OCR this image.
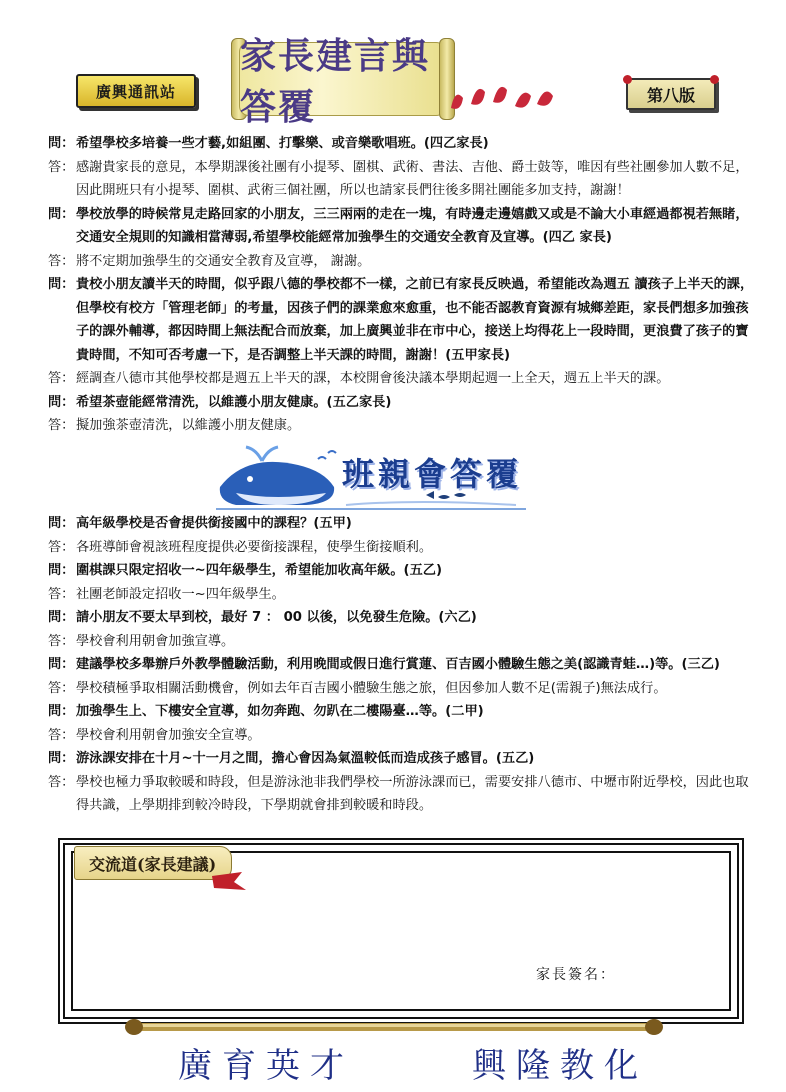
廣興通訊站
家長建言與答覆	第八版
問： 希望學校多培養一些才藝,如組團、打擊樂、或音樂歌唱班。(四乙家長)
答： 感謝貴家長的意見，本學期課後社團有小提琴、圍棋、武術、書法、吉他、爵士鼓等，唯因有些社團參加人數不足，因此開班只有小提琴、圍棋、武術三個社團，所以也請家長們往後多開社團能多加支持，謝謝！
問： 學校放學的時候常見走路回家的小朋友，三三兩兩的走在一塊，有時邊走邊嬉戲又或是不論大小車經過都視若無睹，交通安全規則的知識相當薄弱,希望學校能經常加強學生的交通安全教育及宣導。(四乙 家長)
答： 將不定期加強學生的交通安全教育及宣導， 謝謝。
問： 貴校小朋友讀半天的時間，似乎跟八德的學校都不一樣，之前已有家長反映過，希望能改為週五 讀孩子上半天的課，但學校有校方「管理老師」的考量，因孩子們的課業愈來愈重，也不能否認教育資源有城鄉差距，家長們想多加強孩子的課外輔導，都因時間上無法配合而放棄，加上廣興並非在市中心，接送上均得花上一段時間，更浪費了孩子的寶貴時間，不知可否考慮一下，是否調整上半天課的時間，謝謝！(五甲家長)
答： 經調查八德市其他學校都是週五上半天的課，本校開會後決議本學期起週一上全天，週五上半天的課。
問： 希望茶壺能經常清洗，以維護小朋友健康。(五乙家長)
答： 擬加強茶壺清洗，以維護小朋友健康。
班親會答覆
問： 高年級學校是否會提供銜接國中的課程？(五甲)
答： 各班導師會視該班程度提供必要銜接課程，使學生銜接順利。
問： 圍棋課只限定招收一~四年級學生，希望能加收高年級。(五乙)
答： 社團老師設定招收一~四年級學生。
問： 請小朋友不要太早到校，最好 7 ： 00 以後，以免發生危險。(六乙)
答： 學校會利用朝會加強宣導。
問： 建議學校多舉辦戶外教學體驗活動，利用晚間或假日進行賞蓮、百吉國小體驗生態之美(認識青蛙…)等。(三乙)
答： 學校積極爭取相關活動機會，例如去年百吉國小體驗生態之旅，但因參加人數不足(需親子)無法成行。
問： 加強學生上、下樓安全宣導，如勿奔跑、勿趴在二樓陽臺…等。(二甲)
答： 學校會利用朝會加強安全宣導。
問： 游泳課安排在十月~十一月之間，擔心會因為氣溫較低而造成孩子感冒。(五乙)
答： 學校也極力爭取較暖和時段，但是游泳池非我們學校一所游泳課而已，需要安排八德市、中壢市附近學校，因此也取得共識，上學期排到較冷時段，下學期就會排到較暖和時段。
交流道(家長建議)
家長簽名：
廣育英才	興隆教化
